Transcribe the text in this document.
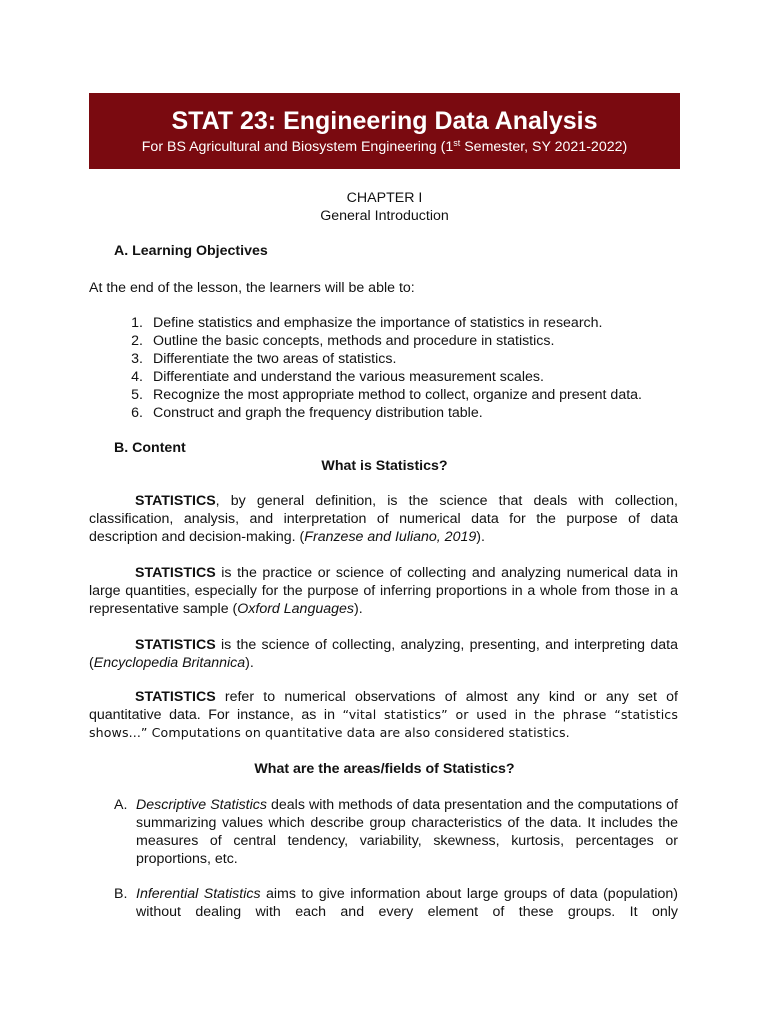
STAT 23: Engineering Data Analysis
For BS Agricultural and Biosystem Engineering (1st Semester, SY 2021-2022)
CHAPTER I
General Introduction
A. Learning Objectives
At the end of the lesson, the learners will be able to:
1. Define statistics and emphasize the importance of statistics in research.
2. Outline the basic concepts, methods and procedure in statistics.
3. Differentiate the two areas of statistics.
4. Differentiate and understand the various measurement scales.
5. Recognize the most appropriate method to collect, organize and present data.
6. Construct and graph the frequency distribution table.
B. Content
What is Statistics?
STATISTICS, by general definition, is the science that deals with collection, classification, analysis, and interpretation of numerical data for the purpose of data description and decision-making. (Franzese and Iuliano, 2019).
STATISTICS is the practice or science of collecting and analyzing numerical data in large quantities, especially for the purpose of inferring proportions in a whole from those in a representative sample (Oxford Languages).
STATISTICS is the science of collecting, analyzing, presenting, and interpreting data (Encyclopedia Britannica).
STATISTICS refer to numerical observations of almost any kind or any set of quantitative data. For instance, as in “vital statistics” or used in the phrase “statistics shows...” Computations on quantitative data are also considered statistics.
What are the areas/fields of Statistics?
A. Descriptive Statistics deals with methods of data presentation and the computations of summarizing values which describe group characteristics of the data. It includes the measures of central tendency, variability, skewness, kurtosis, percentages or proportions, etc.
B. Inferential Statistics aims to give information about large groups of data (population) without dealing with each and every element of these groups. It only
